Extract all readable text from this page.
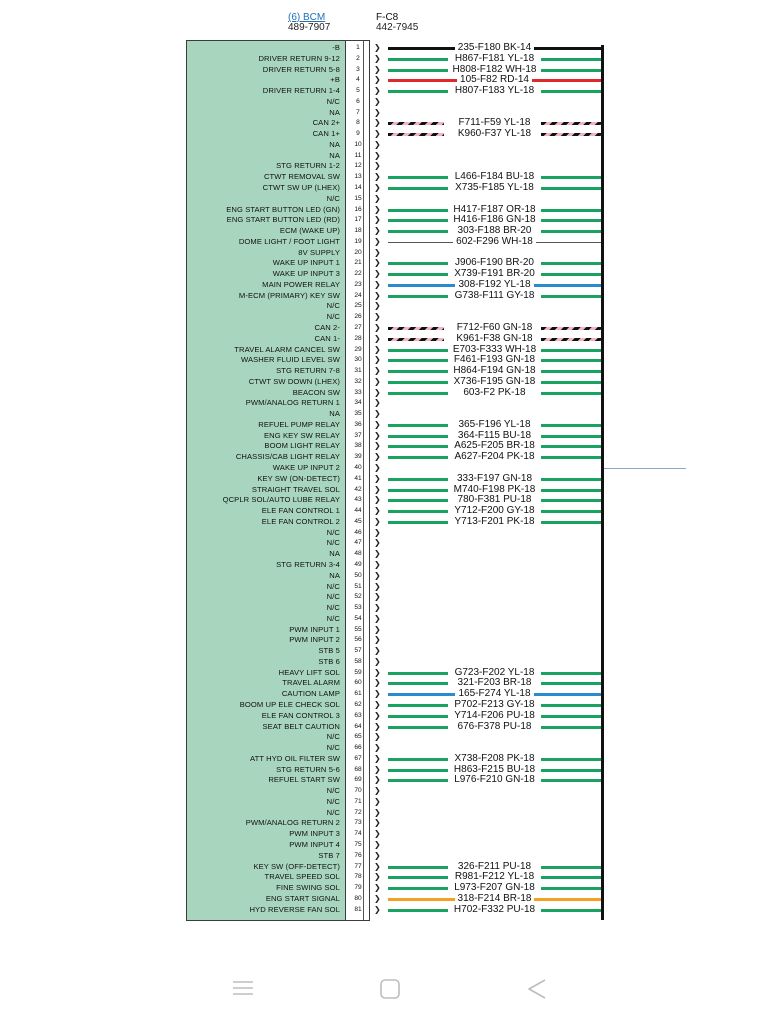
(6) BCM
489-7907
F-C8
442-7945
-B	1	❯	235-F180 BK-14
DRIVER RETURN 9-12	2	❯	H867-F181 YL-18
DRIVER RETURN 5-8	3	❯	H808-F182 WH-18
+B	4	❯	105-F82 RD-14
DRIVER RETURN 1-4	5	❯	H807-F183 YL-18
N/C	6	❯
NA	7	❯
CAN 2+	8	❯	F711-F59 YL-18
CAN 1+	9	❯	K960-F37 YL-18
NA	10	❯
NA	11	❯
STG RETURN 1-2	12	❯
CTWT REMOVAL SW	13	❯	L466-F184 BU-18
CTWT SW UP (LHEX)	14	❯	X735-F185 YL-18
N/C	15	❯
ENG START BUTTON LED (GN)	16	❯	H417-F187 OR-18
ENG START BUTTON LED (RD)	17	❯	H416-F186 GN-18
ECM (WAKE UP)	18	❯	303-F188 BR-20
DOME LIGHT / FOOT LIGHT	19	❯	602-F296 WH-18
8V SUPPLY	20	❯
WAKE UP INPUT 1	21	❯	J906-F190 BR-20
WAKE UP INPUT 3	22	❯	X739-F191 BR-20
MAIN POWER RELAY	23	❯	308-F192 YL-18
M-ECM (PRIMARY) KEY SW	24	❯	G738-F111 GY-18
N/C	25	❯
N/C	26	❯
CAN 2-	27	❯	F712-F60 GN-18
CAN 1-	28	❯	K961-F38 GN-18
TRAVEL ALARM CANCEL SW	29	❯	E703-F333 WH-18
WASHER FLUID LEVEL SW	30	❯	F461-F193 GN-18
STG RETURN 7-8	31	❯	H864-F194 GN-18
CTWT SW DOWN (LHEX)	32	❯	X736-F195 GN-18
BEACON SW	33	❯	603-F2 PK-18
PWM/ANALOG RETURN 1	34	❯
NA	35	❯
REFUEL PUMP RELAY	36	❯	365-F196 YL-18
ENG KEY SW RELAY	37	❯	364-F115 BU-18
BOOM LIGHT RELAY	38	❯	A625-F205 BR-18
CHASSIS/CAB LIGHT RELAY	39	❯	A627-F204 PK-18
WAKE UP INPUT 2	40	❯
KEY SW (ON-DETECT)	41	❯	333-F197 GN-18
STRAIGHT TRAVEL SOL	42	❯	M740-F198 PK-18
QCPLR SOL/AUTO LUBE RELAY	43	❯	780-F381 PU-18
ELE FAN CONTROL 1	44	❯	Y712-F200 GY-18
ELE FAN CONTROL 2	45	❯	Y713-F201 PK-18
N/C	46	❯
N/C	47	❯
NA	48	❯
STG RETURN 3-4	49	❯
NA	50	❯
N/C	51	❯
N/C	52	❯
N/C	53	❯
N/C	54	❯
PWM INPUT 1	55	❯
PWM INPUT 2	56	❯
STB 5	57	❯
STB 6	58	❯
HEAVY LIFT SOL	59	❯	G723-F202 YL-18
TRAVEL ALARM	60	❯	321-F203 BR-18
CAUTION LAMP	61	❯	165-F274 YL-18
BOOM UP ELE CHECK SOL	62	❯	P702-F213 GY-18
ELE FAN CONTROL 3	63	❯	Y714-F206 PU-18
SEAT BELT CAUTION	64	❯	676-F378 PU-18
N/C	65	❯
N/C	66	❯
ATT HYD OIL FILTER SW	67	❯	X738-F208 PK-18
STG RETURN 5-6	68	❯	H863-F215 BU-18
REFUEL START SW	69	❯	L976-F210 GN-18
N/C	70	❯
N/C	71	❯
N/C	72	❯
PWM/ANALOG RETURN 2	73	❯
PWM INPUT 3	74	❯
PWM INPUT 4	75	❯
STB 7	76	❯
KEY SW (OFF-DETECT)	77	❯	326-F211 PU-18
TRAVEL SPEED SOL	78	❯	R981-F212 YL-18
FINE SWING SOL	79	❯	L973-F207 GN-18
ENG START SIGNAL	80	❯	318-F214 BR-18
HYD REVERSE FAN SOL	81	❯	H702-F332 PU-18
